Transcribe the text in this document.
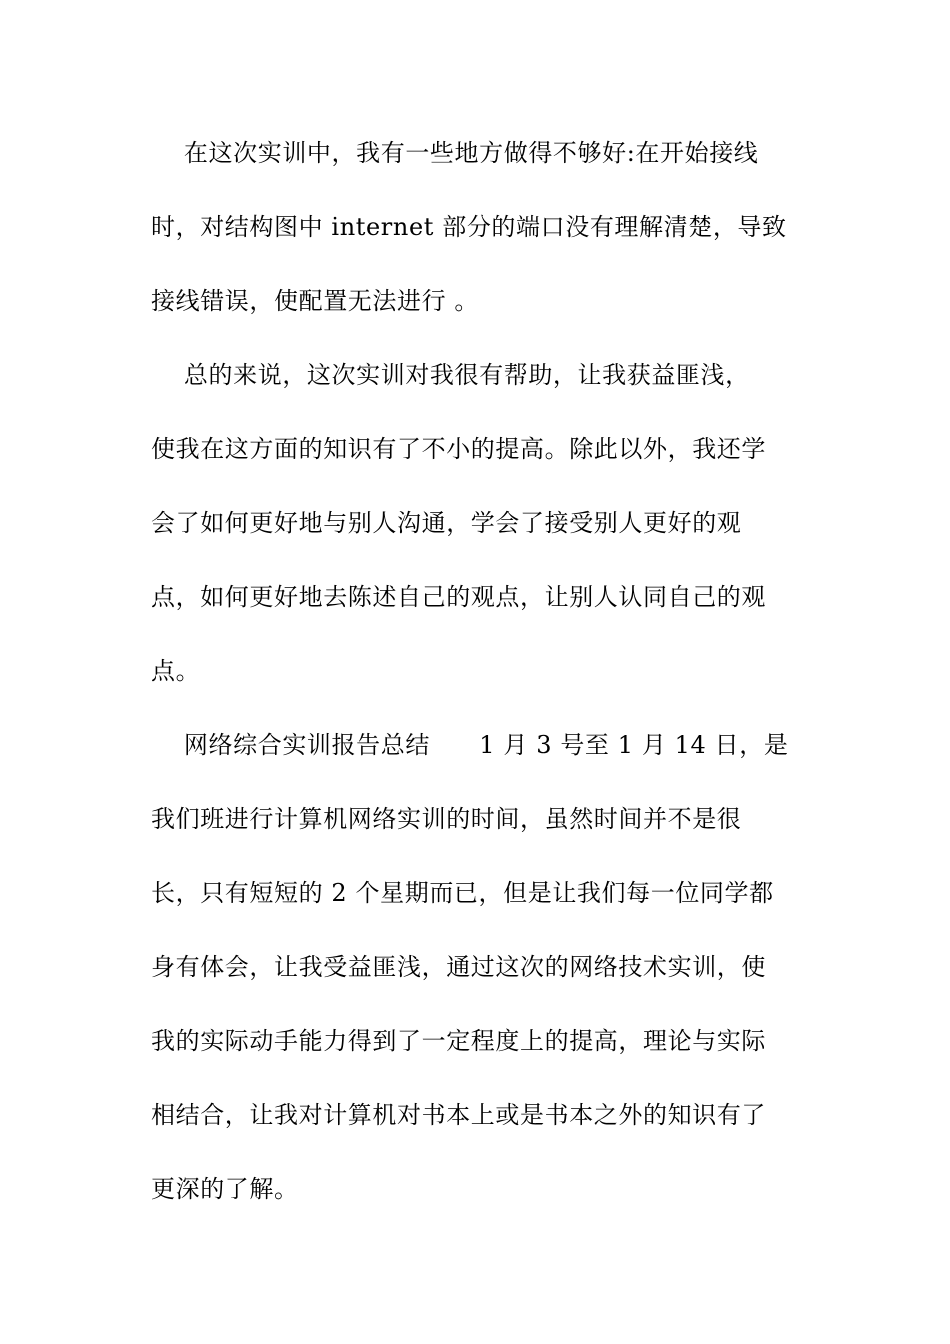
在这次实训中，我有一些地方做得不够好:在开始接线
时，对结构图中 internet 部分的端口没有理解清楚，导致
接线错误，使配置无法进行 。
总的来说，这次实训对我很有帮助，让我获益匪浅，
使我在这方面的知识有了不小的提高。除此以外，我还学
会了如何更好地与别人沟通，学会了接受别人更好的观
点，如何更好地去陈述自己的观点，让别人认同自己的观
点。
网络综合实训报告总结      1 月 3 号至 1 月 14 日，是
我们班进行计算机网络实训的时间，虽然时间并不是很
长，只有短短的 2 个星期而已，但是让我们每一位同学都
身有体会，让我受益匪浅，通过这次的网络技术实训，使
我的实际动手能力得到了一定程度上的提高，理论与实际
相结合，让我对计算机对书本上或是书本之外的知识有了
更深的了解。
